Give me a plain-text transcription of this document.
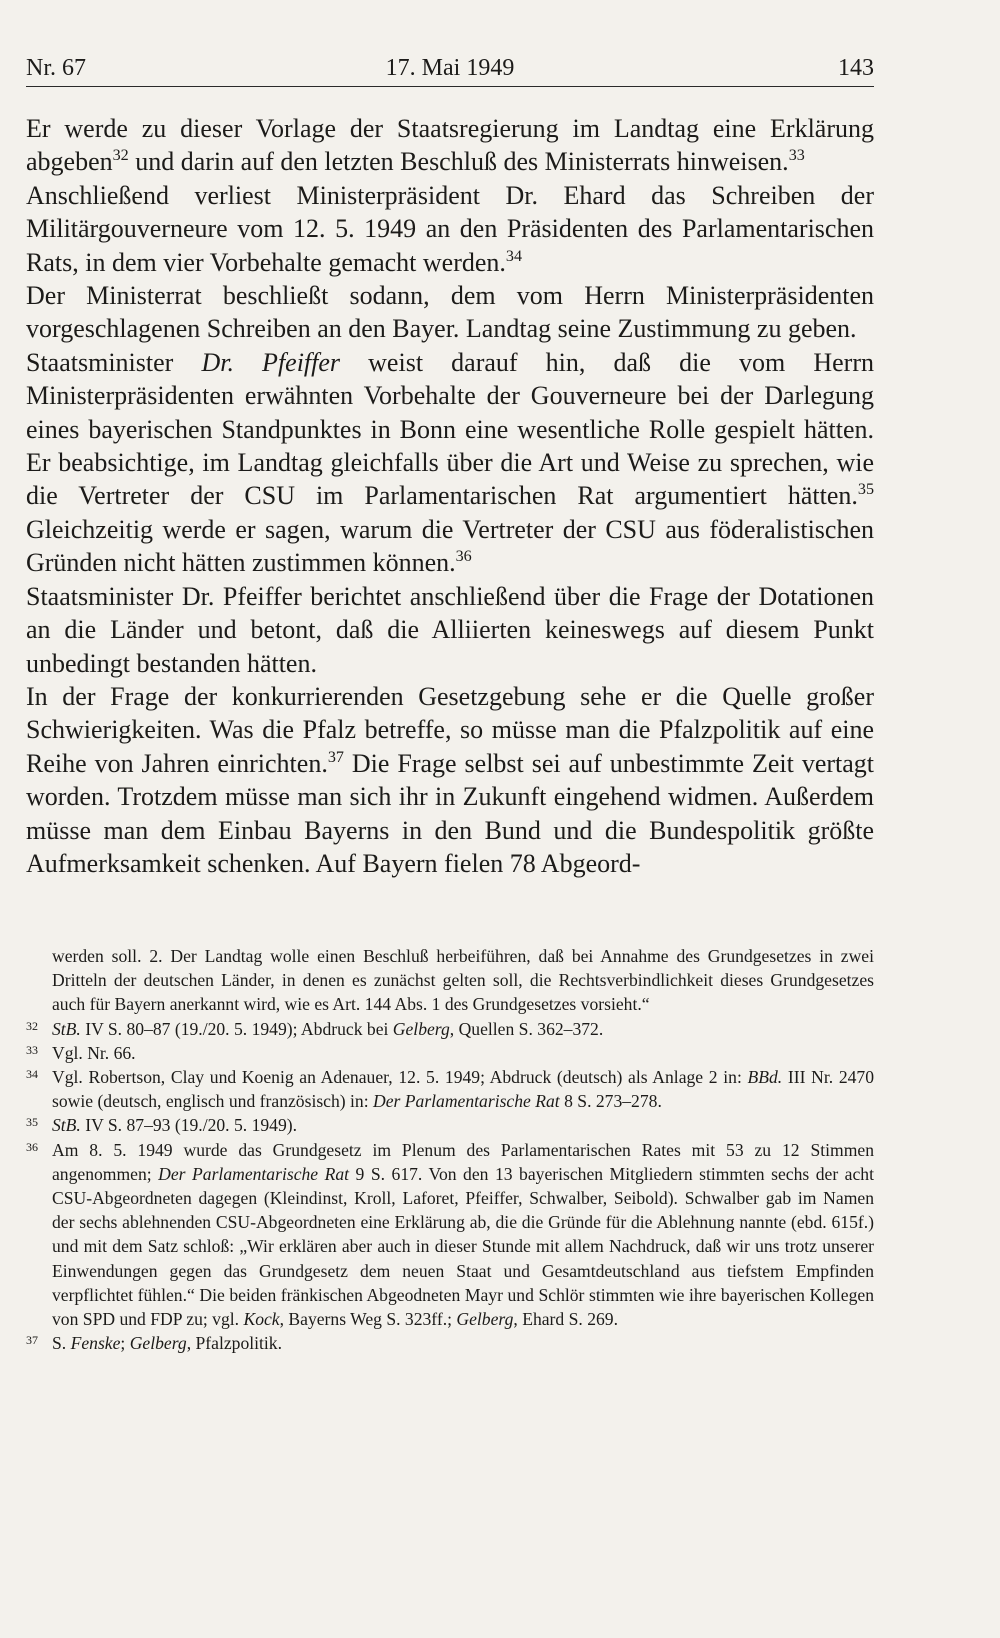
Nr. 67	17. Mai 1949	143

Er werde zu dieser Vorlage der Staatsregierung im Landtag eine Erklärung abgeben$^{32}$ und darin auf den letzten Beschluß des Ministerrats hinweisen.$^{33}$

Anschließend verliest Ministerpräsident Dr. Ehard das Schreiben der Militärgouverneure vom 12. 5. 1949 an den Präsidenten des Parlamentarischen Rats, in dem vier Vorbehalte gemacht werden.$^{34}$

Der Ministerrat beschließt sodann, dem vom Herrn Ministerpräsidenten vorgeschlagenen Schreiben an den Bayer. Landtag seine Zustimmung zu geben.

Staatsminister Dr. Pfeiffer weist darauf hin, daß die vom Herrn Ministerpräsidenten erwähnten Vorbehalte der Gouverneure bei der Darlegung eines bayerischen Standpunktes in Bonn eine wesentliche Rolle gespielt hätten. Er beabsichtige, im Landtag gleichfalls über die Art und Weise zu sprechen, wie die Vertreter der CSU im Parlamentarischen Rat argumentiert hätten.$^{35}$ Gleichzeitig werde er sagen, warum die Vertreter der CSU aus föderalistischen Gründen nicht hätten zustimmen können.$^{36}$

Staatsminister Dr. Pfeiffer berichtet anschließend über die Frage der Dotationen an die Länder und betont, daß die Alliierten keineswegs auf diesem Punkt unbedingt bestanden hätten.

In der Frage der konkurrierenden Gesetzgebung sehe er die Quelle großer Schwierigkeiten. Was die Pfalz betreffe, so müsse man die Pfalzpolitik auf eine Reihe von Jahren einrichten.$^{37}$ Die Frage selbst sei auf unbestimmte Zeit vertagt worden. Trotzdem müsse man sich ihr in Zukunft eingehend widmen. Außerdem müsse man dem Einbau Bayerns in den Bund und die Bundespolitik größte Aufmerksamkeit schenken. Auf Bayern fielen 78 Abgeord-

werden soll. 2. Der Landtag wolle einen Beschluß herbeiführen, daß bei Annahme des Grundgesetzes in zwei Dritteln der deutschen Länder, in denen es zunächst gelten soll, die Rechtsverbindlichkeit dieses Grundgesetzes auch für Bayern anerkannt wird, wie es Art. 144 Abs. 1 des Grundgesetzes vorsieht.“

32 StB. IV S. 80–87 (19./20. 5. 1949); Abdruck bei Gelberg, Quellen S. 362–372.
33 Vgl. Nr. 66.
34 Vgl. Robertson, Clay und Koenig an Adenauer, 12. 5. 1949; Abdruck (deutsch) als Anlage 2 in: BBd. III Nr. 2470 sowie (deutsch, englisch und französisch) in: Der Parlamentarische Rat 8 S. 273–278.
35 StB. IV S. 87–93 (19./20. 5. 1949).
36 Am 8. 5. 1949 wurde das Grundgesetz im Plenum des Parlamentarischen Rates mit 53 zu 12 Stimmen angenommen; Der Parlamentarische Rat 9 S. 617. Von den 13 bayerischen Mitgliedern stimmten sechs der acht CSU-Abgeordneten dagegen (Kleindinst, Kroll, Laforet, Pfeiffer, Schwalber, Seibold). Schwalber gab im Namen der sechs ablehnenden CSU-Abgeordneten eine Erklärung ab, die die Gründe für die Ablehnung nannte (ebd. 615f.) und mit dem Satz schloß: „Wir erklären aber auch in dieser Stunde mit allem Nachdruck, daß wir uns trotz unserer Einwendungen gegen das Grundgesetz dem neuen Staat und Gesamtdeutschland aus tiefstem Empfinden verpflichtet fühlen.“ Die beiden fränkischen Abgeodneten Mayr und Schlör stimmten wie ihre bayerischen Kollegen von SPD und FDP zu; vgl. Kock, Bayerns Weg S. 323ff.; Gelberg, Ehard S. 269.
37 S. Fenske; Gelberg, Pfalzpolitik.
